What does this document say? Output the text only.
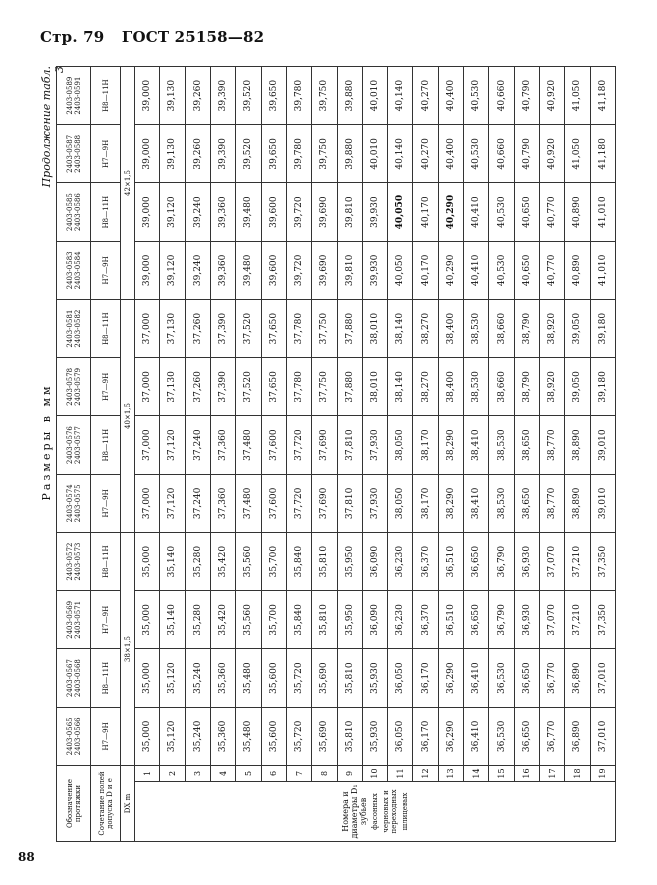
Стр. 79 ГОСТ 25158—82
Продолжение табл. 3
Размеры в мм
Обозначение протяжки		2403-0565 2403-0566	2403-0567 2403-0568	2403-0569 2403-0571	2403-0572 2403-0573	2403-0574 2403-0575	2403-0576 2403-0577	2403-0578 2403-0579	2403-0581 2403-0582	2403-0583 2403-0584	2403-0585 2403-0586	2403-0587 2403-0588	2403-0589 2403-0591
Сочетание полей допуска D и e		H7—9H	H8—11H	H7—9H	H8—11H	H7—9H	H8—11H	H7—9H	H8—11H	H7—9H	H8—11H	H7—9H	H8—11H
DX m		38×1,5				40×1,5				42×1,5			

Номера и диаметры D₁ зубьев фасонных черновых и переходных шлицевых	1	35,000	35,000	35,000	35,000	37,000	37,000	37,000	37,000	39,000	39,000	39,000	39,000
	2	35,120	35,120	35,140	35,140	37,120	37,120	37,130	37,130	39,120	39,120	39,130	39,130
	3	35,240	35,240	35,280	35,280	37,240	37,240	37,260	37,260	39,240	39,240	39,260	39,260
	4	35,360	35,360	35,420	35,420	37,360	37,360	37,390	37,390	39,360	39,360	39,390	39,390
	5	35,480	35,480	35,560	35,560	37,480	37,480	37,520	37,520	39,480	39,480	39,520	39,520
	6	35,600	35,600	35,700	35,700	37,600	37,600	37,650	37,650	39,600	39,600	39,650	39,650
	7	35,720	35,720	35,840	35,840	37,720	37,720	37,780	37,780	39,720	39,720	39,780	39,780
	8	35,690	35,690	35,810	35,810	37,690	37,690	37,750	37,750	39,690	39,690	39,750	39,750
	9	35,810	35,810	35,950	35,950	37,810	37,810	37,880	37,880	39,810	39,810	39,880	39,880
	10	35,930	35,930	36,090	36,090	37,930	37,930	38,010	38,010	39,930	39,930	40,010	40,010
	11	36,050	36,050	36,230	36,230	38,050	38,050	38,140	38,140	40,050	40,050	40,140	40,140
	12	36,170	36,170	36,370	36,370	38,170	38,170	38,270	38,270	40,170	40,170	40,270	40,270
	13	36,290	36,290	36,510	36,510	38,290	38,290	38,400	38,400	40,290	40,290	40,400	40,400
	14	36,410	36,410	36,650	36,650	38,410	38,410	38,530	38,530	40,410	40,410	40,530	40,530
	15	36,530	36,530	36,790	36,790	38,530	38,530	38,660	38,660	40,530	40,530	40,660	40,660
	16	36,650	36,650	36,930	36,930	38,650	38,650	38,790	38,790	40,650	40,650	40,790	40,790
	17	36,770	36,770	37,070	37,070	38,770	38,770	38,920	38,920	40,770	40,770	40,920	40,920
	18	36,890	36,890	37,210	37,210	38,890	38,890	39,050	39,050	40,890	40,890	41,050	41,050
	19	37,010	37,010	37,350	37,350	39,010	39,010	39,180	39,180	41,010	41,010	41,180	41,180
88
